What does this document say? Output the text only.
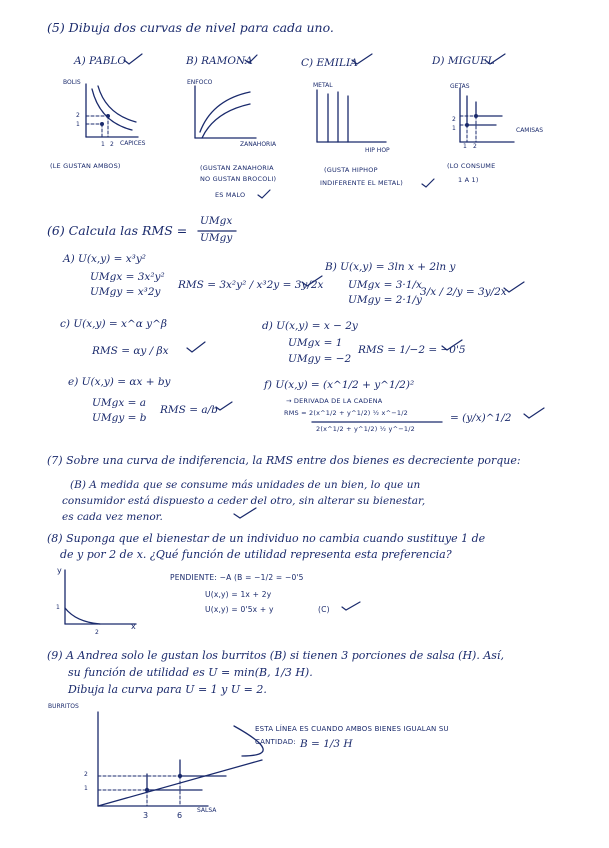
(5) Dibuja dos curvas de nivel para cada uno.
A) PABLO
BOLIS
CAPICES
2
1
1 2
(LE GUSTAN AMBOS)
B) RAMONA
ENFOCO
ZANAHORIA
(GUSTAN ZANAHORIA
NO GUSTAN BROCOLI)
ES MALO
C) EMILIA
METAL
HIP HOP
(GUSTA HIPHOP
INDIFERENTE EL METAL)
D) MIGUEL
GETAS
CAMISAS
2
1
1 2
(LO CONSUME
1 A 1)
(6) Calcula las RMS =
UMgx
UMgy
A) U(x,y) = x³y²
UMgx = 3x²y²
UMgy = x³2y
RMS = 3x²y² / x³2y = 3y/2x
B) U(x,y) = 3ln x + 2ln y
UMgx = 3·1/x
UMgy = 2·1/y
3/x / 2/y = 3y/2x
c) U(x,y) = x^α y^β
RMS = αy / βx
d) U(x,y) = x − 2y
UMgx = 1
UMgy = −2
RMS = 1/−2 = −0'5
e) U(x,y) = αx + by
UMgx = a
UMgy = b
RMS = a/b
f) U(x,y) = (x^1/2 + y^1/2)²
→ DERIVADA DE LA CADENA
RMS = 2(x^1/2 + y^1/2) ½ x^−1/2
2(x^1/2 + y^1/2) ½ y^−1/2
= (y/x)^1/2
(7) Sobre una curva de indiferencia, la RMS entre dos bienes es decreciente porque:
(B) A medida que se consume más unidades de un bien, lo que un
consumidor está dispuesto a ceder del otro, sin alterar su bienestar,
es cada vez menor.
(8) Suponga que el bienestar de un individuo no cambia cuando sustituye 1 de
de y por 2 de x. ¿Qué función de utilidad representa esta preferencia?
y
x
1
2
PENDIENTE: −A (B = −1/2 = −0'5
U(x,y) = 1x + 2y
U(x,y) = 0'5x + y	(C)
(9) A Andrea solo le gustan los burritos (B) si tienen 3 porciones de salsa (H). Así,
su función de utilidad es U = min(B, 1/3 H).
Dibuja la curva para U = 1 y U = 2.
BURRITOS
SALSA
2
1
3	6
ESTA LÍNEA ES CUANDO AMBOS BIENES IGUALAN SU
CANTIDAD: B = 1/3 H
